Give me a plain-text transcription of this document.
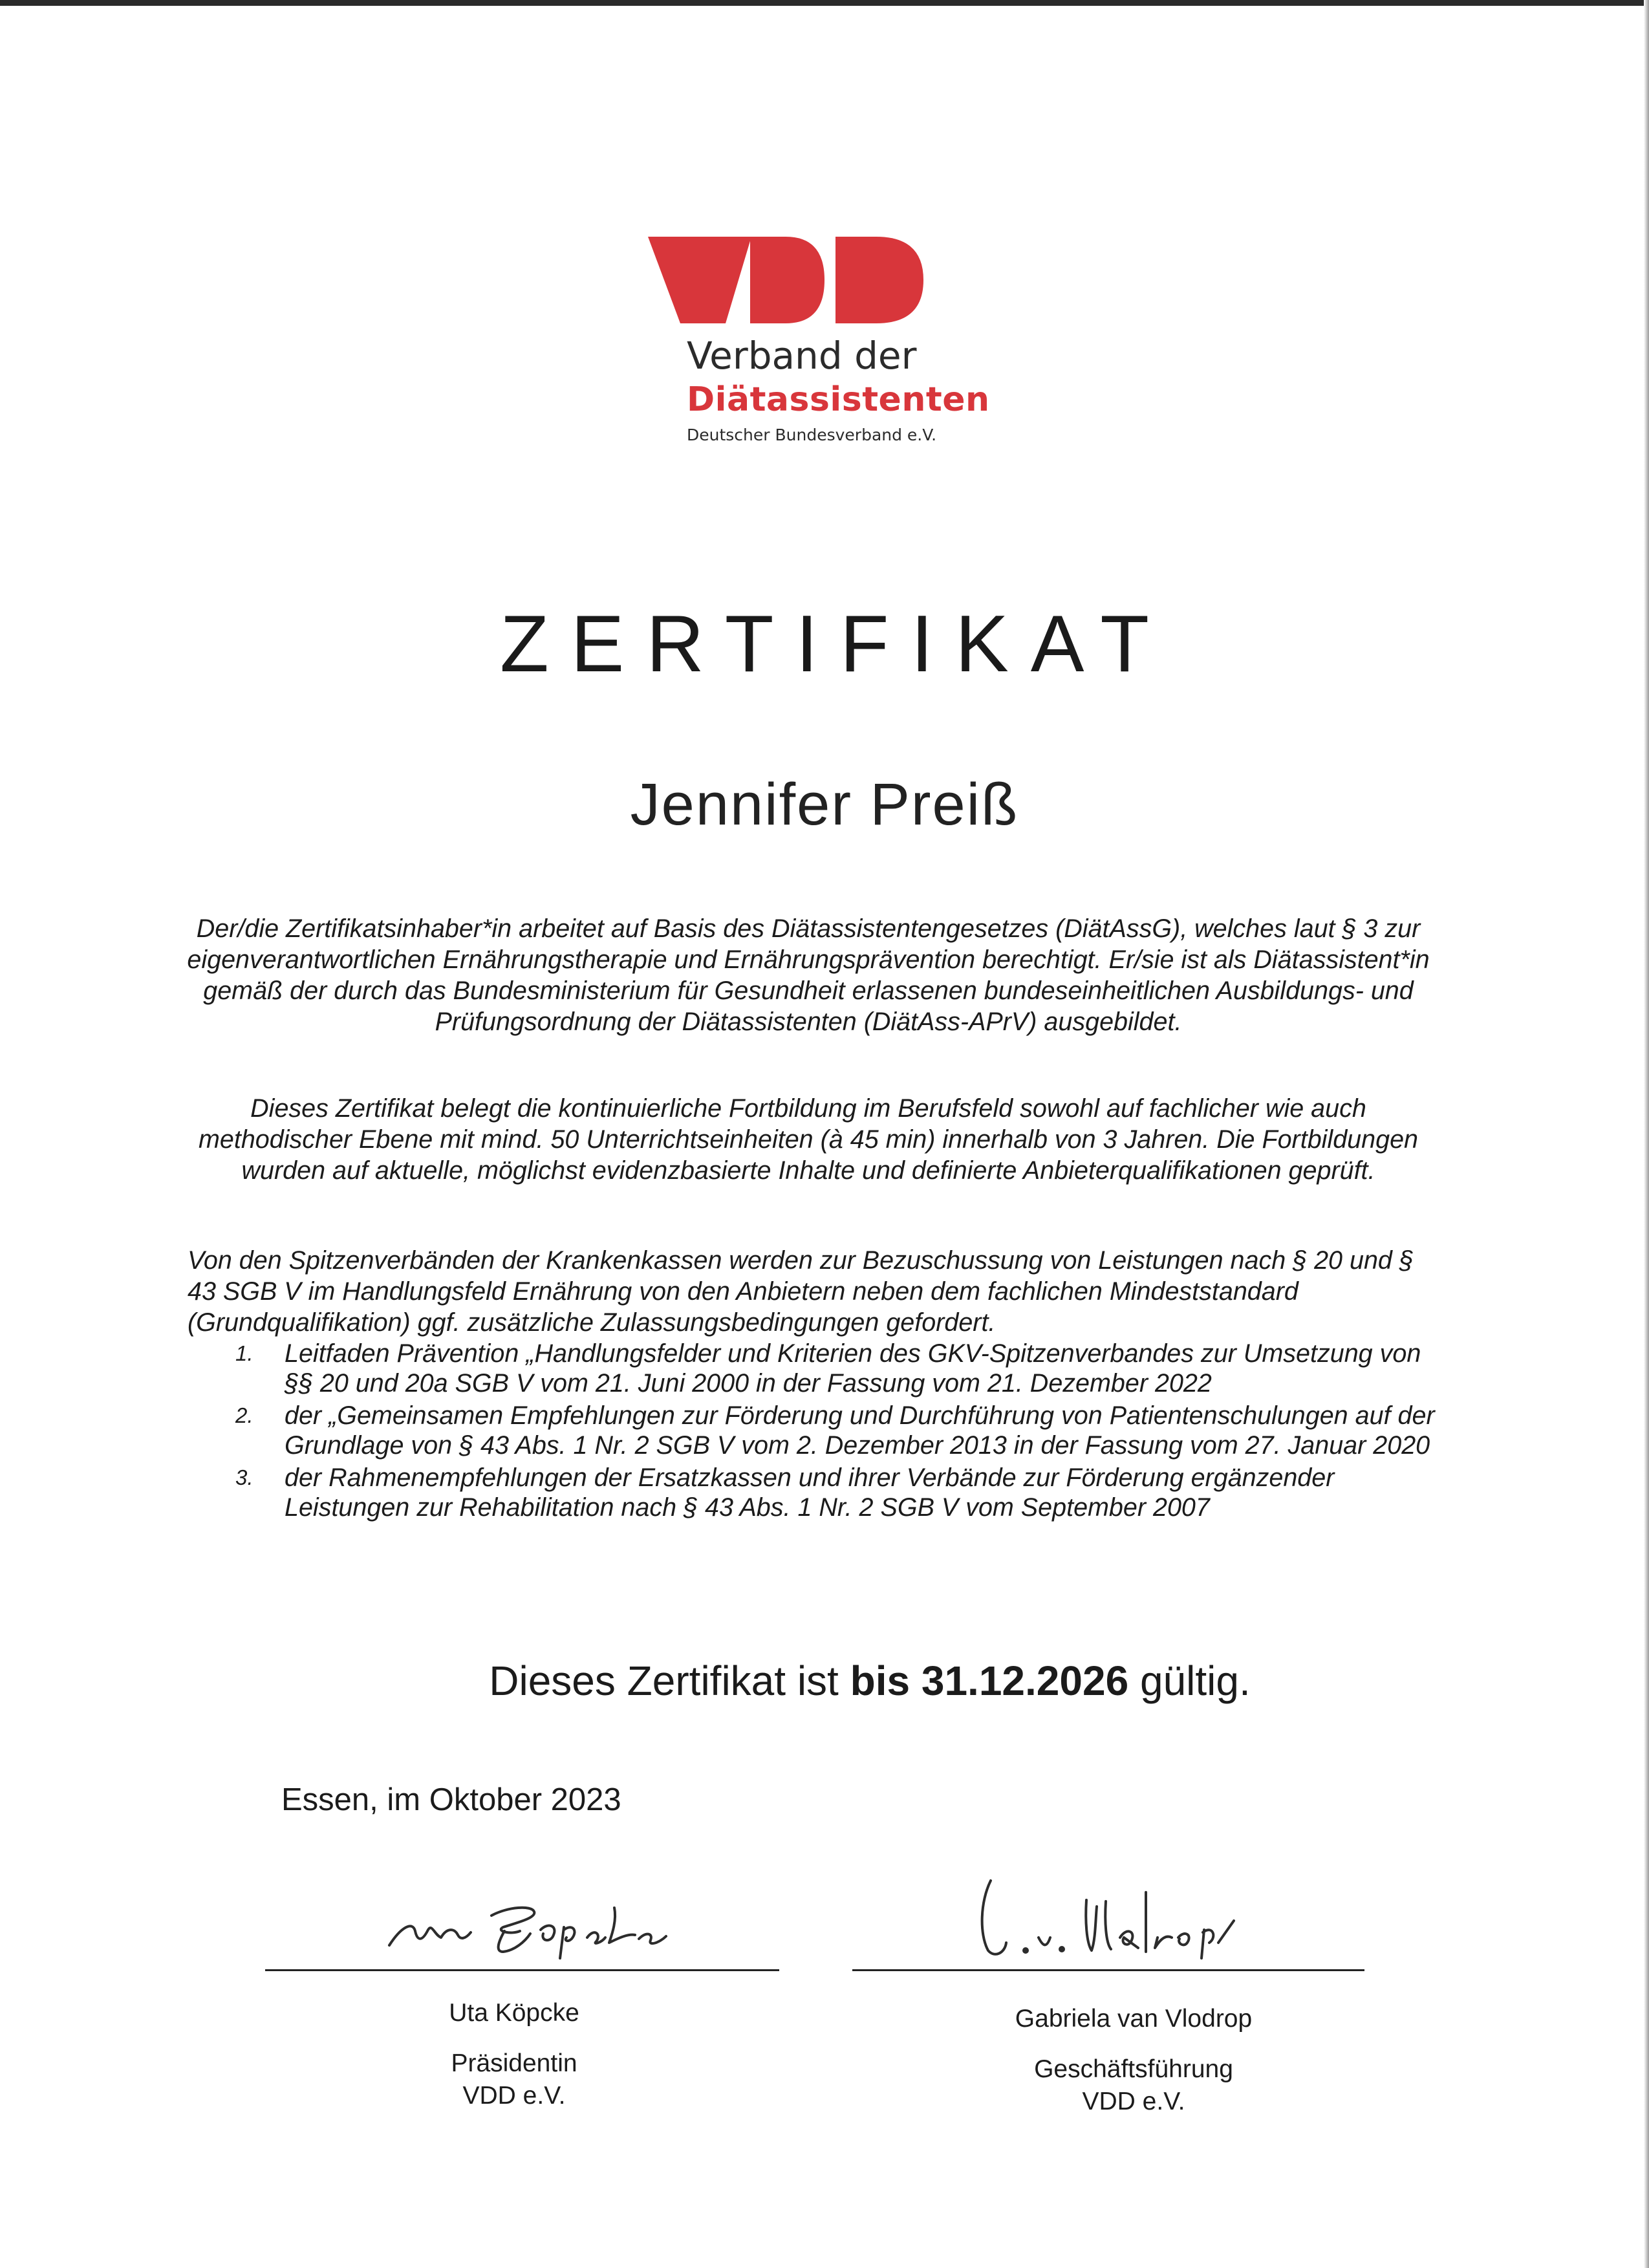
Verband der
Diätassistenten
Deutscher Bundesverband e.V.
ZERTIFIKAT
Jennifer Preiß
Der/die Zertifikatsinhaber*in arbeitet auf Basis des Diätassistentengesetzes (DiätAssG), welches laut § 3 zur eigenverantwortlichen Ernährungstherapie und Ernährungsprävention berechtigt. Er/sie ist als Diätassistent*in gemäß der durch das Bundesministerium für Gesundheit erlassenen bundeseinheitlichen Ausbildungs- und Prüfungsordnung der Diätassistenten (DiätAss-APrV) ausgebildet.
Dieses Zertifikat belegt die kontinuierliche Fortbildung im Berufsfeld sowohl auf fachlicher wie auch methodischer Ebene mit mind. 50 Unterrichtseinheiten (à 45 min) innerhalb von 3 Jahren. Die Fortbildungen wurden auf aktuelle, möglichst evidenzbasierte Inhalte und definierte Anbieterqualifikationen geprüft.
Von den Spitzenverbänden der Krankenkassen werden zur Bezuschussung von Leistungen nach § 20 und § 43 SGB V im Handlungsfeld Ernährung von den Anbietern neben dem fachlichen Mindeststandard (Grundqualifikation) ggf. zusätzliche Zulassungsbedingungen gefordert.
1. Leitfaden Prävention „Handlungsfelder und Kriterien des GKV-Spitzenverbandes zur Umsetzung von §§ 20 und 20a SGB V vom 21. Juni 2000 in der Fassung vom 21. Dezember 2022
2. der „Gemeinsamen Empfehlungen zur Förderung und Durchführung von Patientenschulungen auf der Grundlage von § 43 Abs. 1 Nr. 2 SGB V vom 2. Dezember 2013 in der Fassung vom 27. Januar 2020
3. der Rahmenempfehlungen der Ersatzkassen und ihrer Verbände zur Förderung ergänzender Leistungen zur Rehabilitation nach § 43 Abs. 1 Nr. 2 SGB V vom September 2007
Dieses Zertifikat ist bis 31.12.2026 gültig.
Essen, im Oktober 2023
Uta Köpcke
Präsidentin
VDD e.V.
Gabriela van Vlodrop
Geschäftsführung
VDD e.V.
